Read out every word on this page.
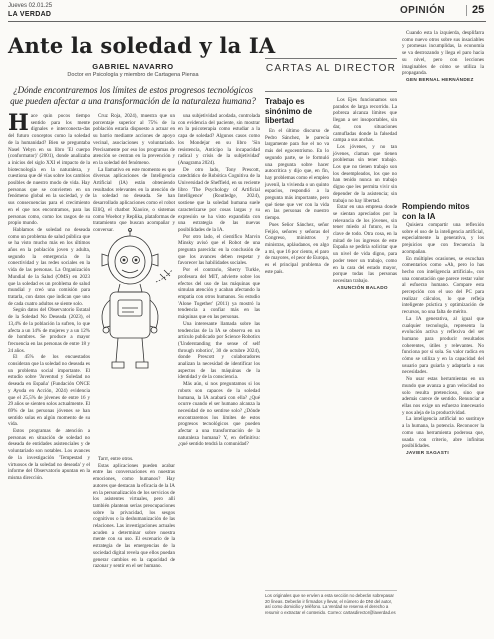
Jueves 02.01.25
LA VERDAD	OPINIÓN 25
Ante la soledad y la IA
GABRIEL NAVARRO
Doctor en Psicología y miembro de Cartagena Piensa
¿Dónde encontraremos los límites de estos progresos tecnológicos que pueden afectar a una transformación de la naturaleza humana?

Hace quin pocos tiempo sentido para los mente dignales e interconecta-das del futuro conceptos como la soledad de la humanidad? Bien se preguntaba Nasel Yebyn en su libro 'El cuerpo (conformator)' (2001), donde analizaba a inicios del siglo XXI el impacto de la biotecnología en la naturaleza, y cuestiona que dé vías sobre los cambios posibles de nuestro modo de vida. Hay personas que se convierten en un fenómeno global en la sociedad, y de sus consecuencias para el crecimiento en el que nos encontramos, para las personas como, como los rasgos de su propio mundo.

Hablamos de soledad no deseada como un problema de salud pública que se ha visto mucho más en los últimos años en la población joven y adulta, segundo la emergencia de la conectividad y las redes sociales en la vida de las personas. La Organización Mundial de la Salud (OMS) en 2023 que la soledad es un problema de salud mundial y creó una comisión para tratarla, con datos que indican que uno de cada cuatro adultos se siente solo.

Según datos del Observatorio Estatal de la Soledad No Deseada (2023), el 13,4% de la población la sufren, lo que afecta a un 14% de mujeres y a un 12% de hombres. Se produce a mayor frecuencia en las personas de entre 18 y 24 años.

El 45% de los encuestados consideran que la soledad no deseada es un problema social importante. El estudio sobre 'Juventud y Soledad no deseada en España' (Fundación ONCE y Ayuda en Acción, 2024) evidencia que el 25,5% de jóvenes de entre 16 y 29 años se sienten solos actualmente. El 69% de las personas jóvenes se han sentido solas en algún momento de su vida.

Estos programas de atención a personas en situación de soledad no deseada de entidades asistenciales y de voluntariado son notables. Los avances de la investigación 'Tempestad y virtuosos de la soledad no deseada' y el informe del Observatorio apuntan en la misma dirección.

Cruz Roja, 2024), muestra que un porcentaje superior al 75% de la población estaría dispuesto a actuar en su barrio mediante acciones de apoyo vecinal, asociaciones y voluntariado. Precisamente por eso los programas de atención se centran en la prevención y en la soledad del fenómeno.

La llamativo en este momento es que diversas aplicaciones de Inteligencia Artificial (IA) están obteniendo resultados relevantes en la atención de la soledad no deseada. Se han desarrollado aplicaciones como el robot ElliQ, el chatbot Xiaoice, o sistemas como Woebot y Replika, plataformas de tratamiento que buscan acompañar y conversar.

Tarrr, entre otros.

Estas aplicaciones pueden acabar entre las conversaciones en nuestras emociones, como humanos? Hay autores que destacan la eficacia de la IA en la personalización de los servicios de los asistentes virtuales, pero allí también plantean serias preocupaciones sobre la privacidad, los sesgos cognitivos o la deshumanización de las relaciones. Las investigaciones actuales acuden a determinar sobre nuestra mente con su uso. El escenario de la estrategia de las emergencias de la sociedad digital revela que ellos puedan generar cambios en la capacidad de razonar y sentir en el ser humano.

una subjetividad acodada, controlada con evidencia del paciente, sin mostrar en la psicoterapia como estudiar a la capa de soledad? Algunos casos como los Mondejar en su libro 'Sin resistencia, Anticipo la incapacidad radical y crisis de la subjetividad' (Anagrama 2024).

De otro lado, Tony Prescott, catedrático de Robótica Cognitiva de la Universidad de Sheffield, en su reciente libro 'The Psychology of Artificial Intelligence' (Routledge, 2024), sostiene que la soledad humana suele caracterizarse por cosas largas y su expresión se ha visto expandida con una estrategia de las nuevas posibilidades de la IA.

Por otro lado, el científico Marvin Minsky avisó que el Robot de una pregunta parecida: en la conclusión de que los avances deben respetar y favorecer las habilidades sociales.

Por el contrario, Sherry Turkle, profesora del MIT, advierte sobre los efectos del uso de las máquinas que simulan atención y acaban afectando la empatía con otros humanos. Su estudio 'Alone Together' (2011) ya mostró la tendencia a confiar más en las máquinas que en las personas.

Una interesante llamada sobre las tendencias de la IA se observa en un artículo publicado por Science Robotics ('Understanding the sense of self through robotics', 30 de octubre 2024), donde Prescott y colaboradores analizan la necesidad de identificar los aspectos de las máquinas de la identidad y de la consciencia.

Más aún, si nos preguntamos si los robots son capaces de la soledad humana, la IA acabará con ella? ¿Qué ocurre cuando el ser humano alcanza la necesidad de no sentirse solo? ¿Dónde encontraremos los límites de estos progresos tecnológicos que pueden afectar a una transformación de la naturaleza humana? Y, en definitiva: ¿qué sentido tendrá la comunidad?

CARTAS AL DIRECTOR
Trabajo es sinónimo de libertad

En el último discurso de Pedro Sánchez, le parecía largamente para fue el no va más del egocentrismo. En lo segundo parte, se le formuló una pregunta sobre hacer autocrítica y dijo que, en fin, hay problemas como el empleo juvenil, la vivienda o un quinto espacios, respondió a la pregunta más importante, pero qué tiene que ver con la vida en las personas de nuestro tiempo.

Pues Señor Sánchez, señor Feijóo, señores y señoras del Congreso, ministros y ministras, apláudanos, en algo a mí, que 16 por ciento, el paro de mayores, el peor de Europa, es el principal problema de este país.

Los Ejes funcionamos son parados de larga recorrido. La pobreza alcanza límites que llegan a ser insoportables, sin dar, con situaciones camufladas donde la falsedad campa a sus anchas.

Los jóvenes, y no tan jóvenes, claman que tienen problemas sin tener trabajo. Los que no tienen trabajo son los desempleados, los que no han tenido nunca un trabajo digno que les permita vivir sin depender de la asistencia; sin trabajo no hay libertad.

Estar en una empresa donde se sientan apreciados por la relevancia de los jóvenes, sin tener miedo al futuro, es la clave de todo. Otra cosa, en la mitad de los ingresos de este España se pediría solicitar que un nivel de vida digno, para poder tener un trabajo, como en la cara del estado mayor, porque todas las personas necesitan trabajo.

ASUNCIÓN BALADO

Cuando esta la izquierda, desplifarra como nuevo otros sobre sus insaciables y promesas incumplidas, la economía se va destrozando y llega el paro hacia su nivel, pero con lecciones imaginables de cómo se utiliza la propaganda.

GEN BERNAL HERNÁNDEZ

Rompiendo mitos con la IA

Quisiera compartir una reflexión sobre el uso de la inteligencia artificial, especialmente la generativa, y los prejuicios que con frecuencia la acompañan.

En múltiples ocasiones, se escuchan comentarios como «Ah, pero lo has hecho con inteligencia artificial», con una connotación que parece restar valor al esfuerzo humano. Compare esta percepción con el uso del PC para realizar cálculos, lo que refleja inteligente práctica y optimización de recursos, no una falta de mérito.

La IA generativa, al igual que cualquier tecnología, representa la evolución activa y reflexiva del ser humano para producir resultados coherentes, útiles y relevantes. No funciona por sí sola. Su valor radica en cómo se utiliza y en la capacidad del usuario para guiarla y adaptarla a sus necesidades.

No usar estas herramientas en un mundo que avanza a gran velocidad no solo resulta pretencioso, sino que además carece de sentido. Renunciar a ellas nos exige un esfuerzo innecesario y nos aleja de la productividad.

La inteligencia artificial no sustituye a la humana, la potencia. Reconocer la como una herramienta poderosa que, usada con criterio, abre infinitas posibilidades.

JAVIER SAGASTI

Los originales que se envíen a esta sección no deberán sobrepasar 20 líneas. Deberán ir firmados y llevar, el número de DNI del autor, así como domicilio y teléfono. La Verdad se reserva el derecho a resumir o extractar el contenido. Correo: cartasdirector@laverdad.es
